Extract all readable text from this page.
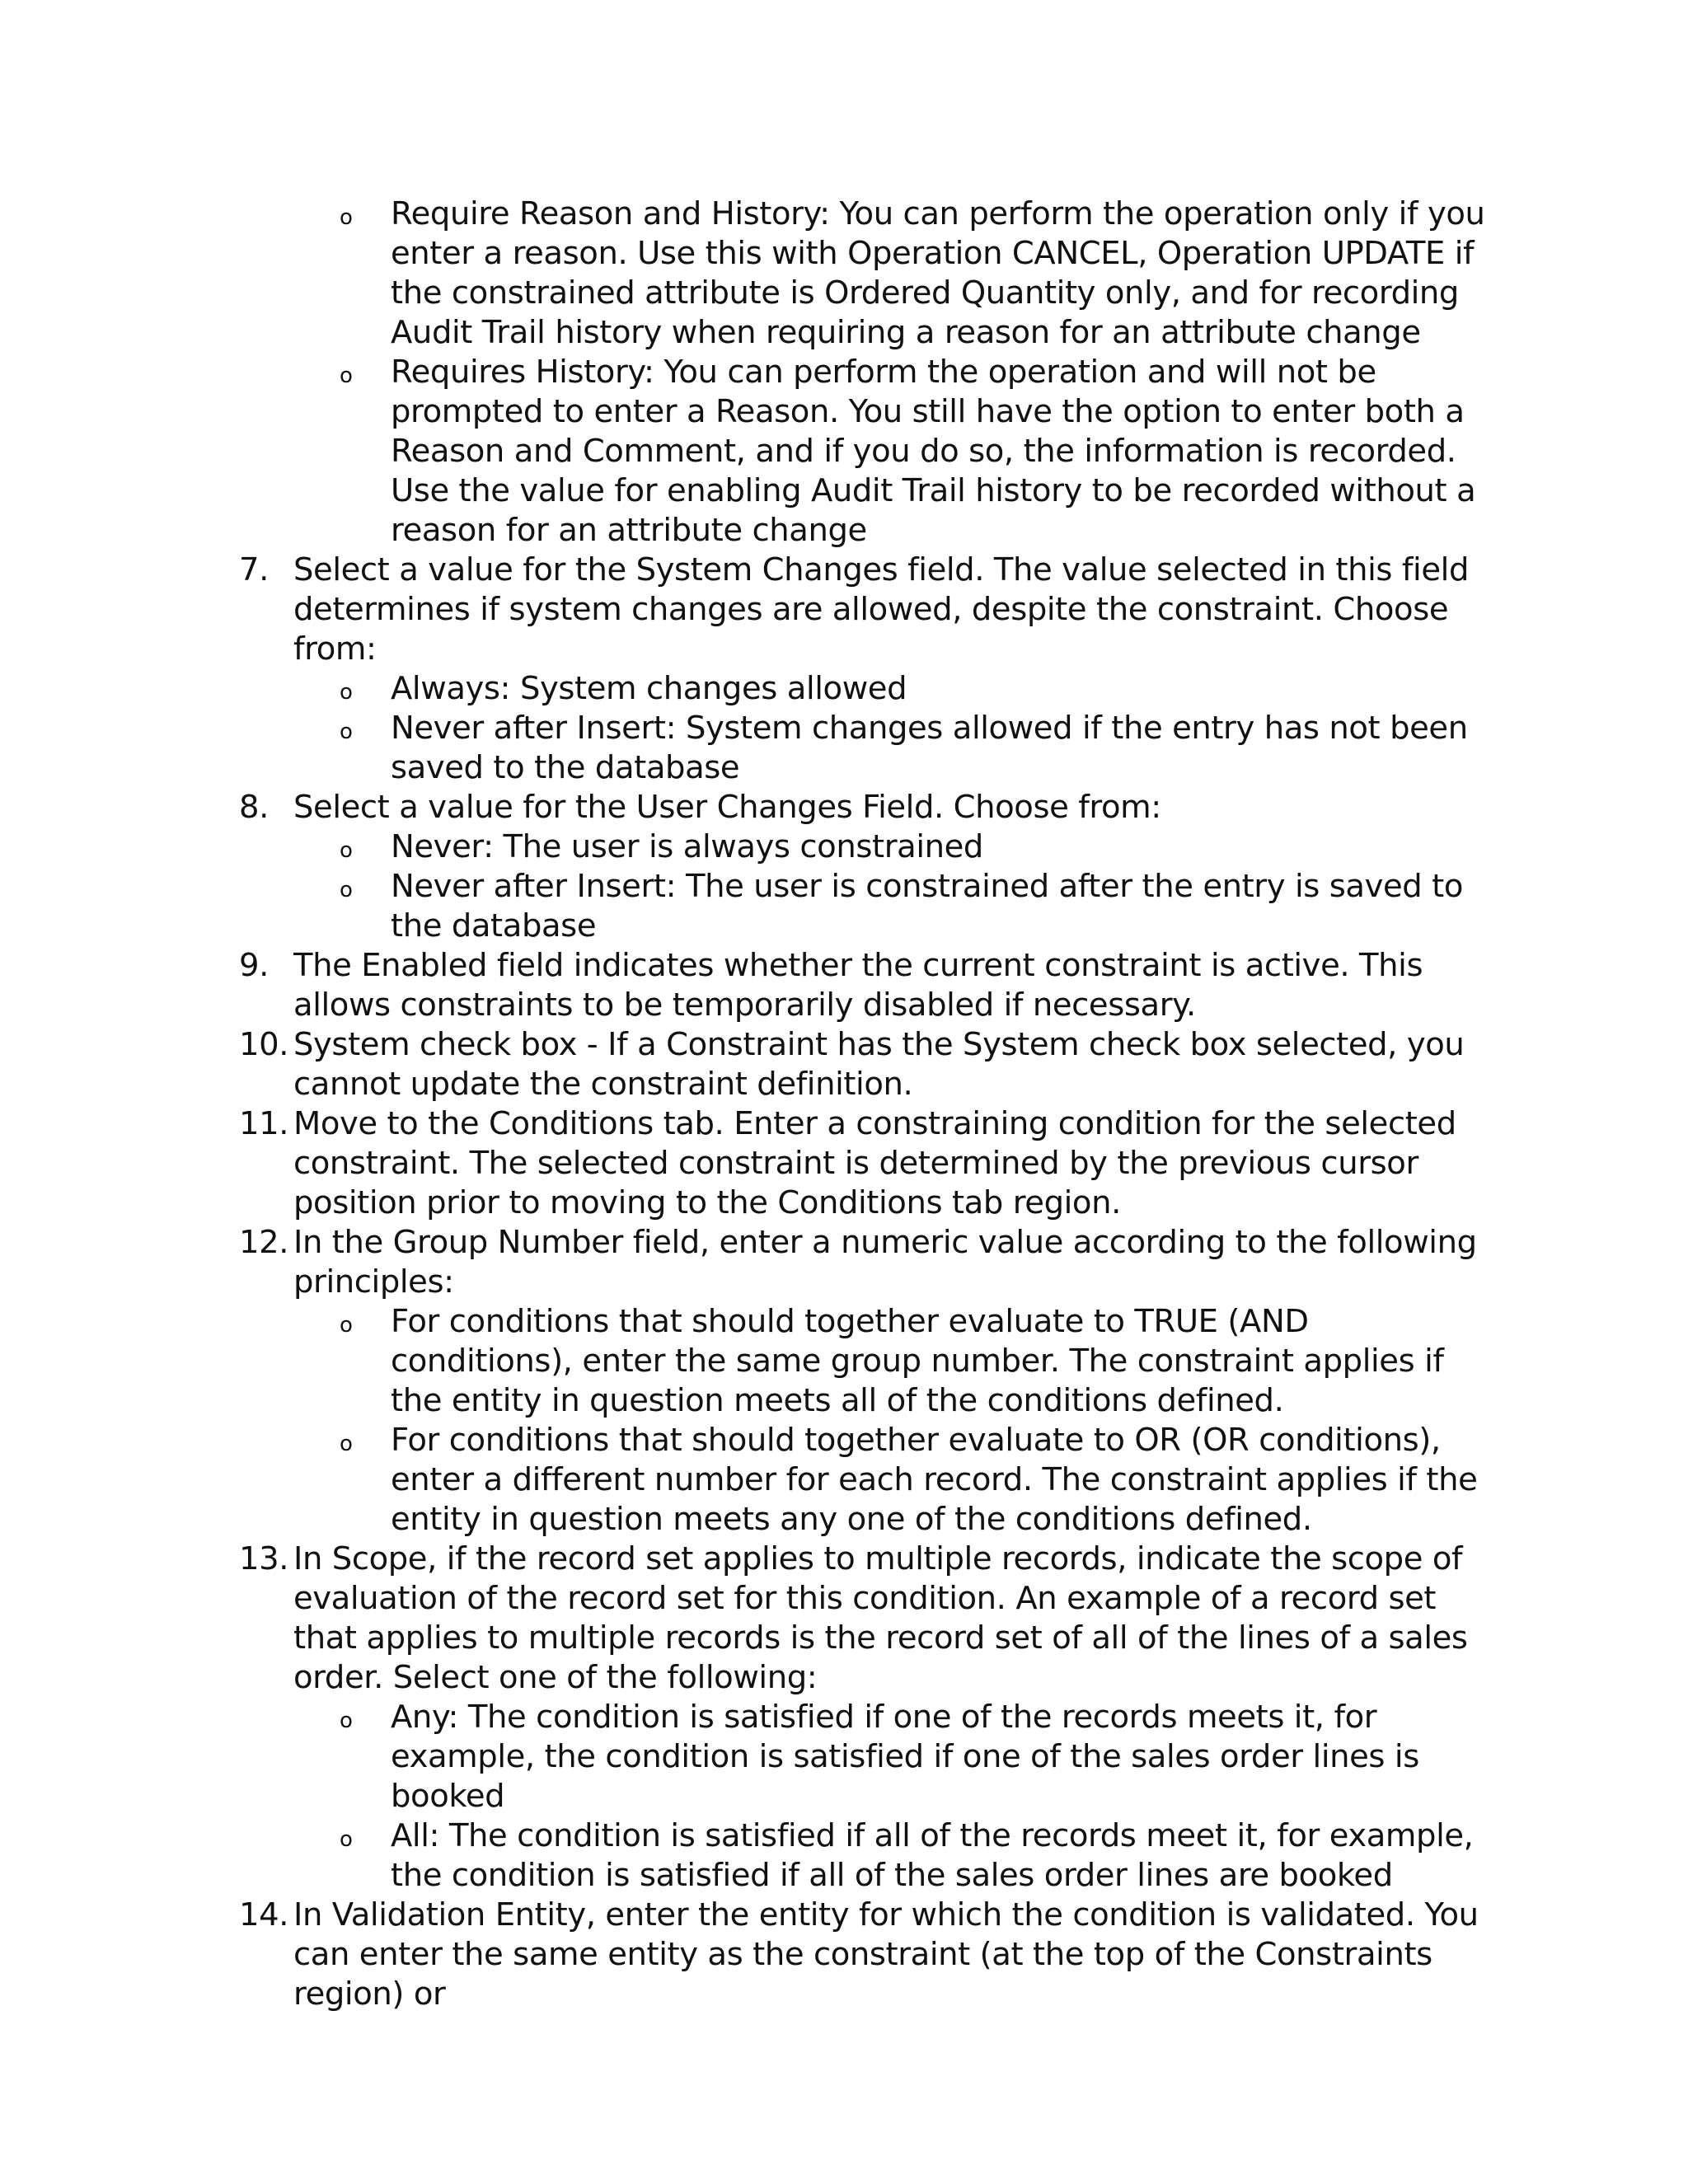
o Require Reason and History: You can perform the operation only if you enter a reason. Use this with Operation CANCEL, Operation UPDATE if the constrained attribute is Ordered Quantity only, and for recording Audit Trail history when requiring a reason for an attribute change
o Requires History: You can perform the operation and will not be prompted to enter a Reason. You still have the option to enter both a Reason and Comment, and if you do so, the information is recorded. Use the value for enabling Audit Trail history to be recorded without a reason for an attribute change
7. Select a value for the System Changes field. The value selected in this field determines if system changes are allowed, despite the constraint. Choose from:
o Always: System changes allowed
o Never after Insert: System changes allowed if the entry has not been saved to the database
8. Select a value for the User Changes Field. Choose from:
o Never: The user is always constrained
o Never after Insert: The user is constrained after the entry is saved to the database
9. The Enabled field indicates whether the current constraint is active. This allows constraints to be temporarily disabled if necessary.
10. System check box - If a Constraint has the System check box selected, you cannot update the constraint definition.
11. Move to the Conditions tab. Enter a constraining condition for the selected constraint. The selected constraint is determined by the previous cursor position prior to moving to the Conditions tab region.
12. In the Group Number field, enter a numeric value according to the following principles:
o For conditions that should together evaluate to TRUE (AND conditions), enter the same group number. The constraint applies if the entity in question meets all of the conditions defined.
o For conditions that should together evaluate to OR (OR conditions), enter a different number for each record. The constraint applies if the entity in question meets any one of the conditions defined.
13. In Scope, if the record set applies to multiple records, indicate the scope of evaluation of the record set for this condition. An example of a record set that applies to multiple records is the record set of all of the lines of a sales order. Select one of the following:
o Any: The condition is satisfied if one of the records meets it, for example, the condition is satisfied if one of the sales order lines is booked
o All: The condition is satisfied if all of the records meet it, for example, the condition is satisfied if all of the sales order lines are booked
14. In Validation Entity, enter the entity for which the condition is validated. You can enter the same entity as the constraint (at the top of the Constraints region) or
